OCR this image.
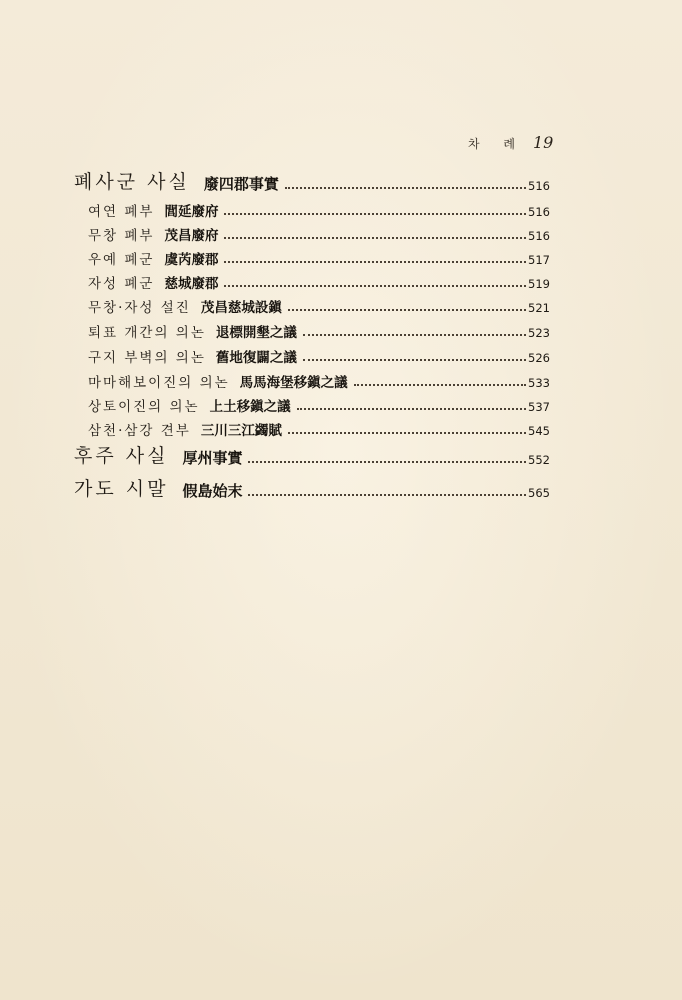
차 례 19
폐사군 사실 廢四郡事實	516
여연 폐부 閭延廢府	516
무창 폐부 茂昌廢府	516
우예 폐군 虞芮廢郡	517
자성 폐군 慈城廢郡	519
무창·자성 설진 茂昌慈城設鎭	521
퇴표 개간의 의논 退標開墾之議	523
구지 부벽의 의논 舊地復闢之議	526
마마해보이진의 의논 馬馬海堡移鎭之議	533
상토이진의 의논 上土移鎭之議	537
삼천·삼강 견부 三川三江蠲賦	545
후주 사실 厚州事實	552
가도 시말 假島始末	565
